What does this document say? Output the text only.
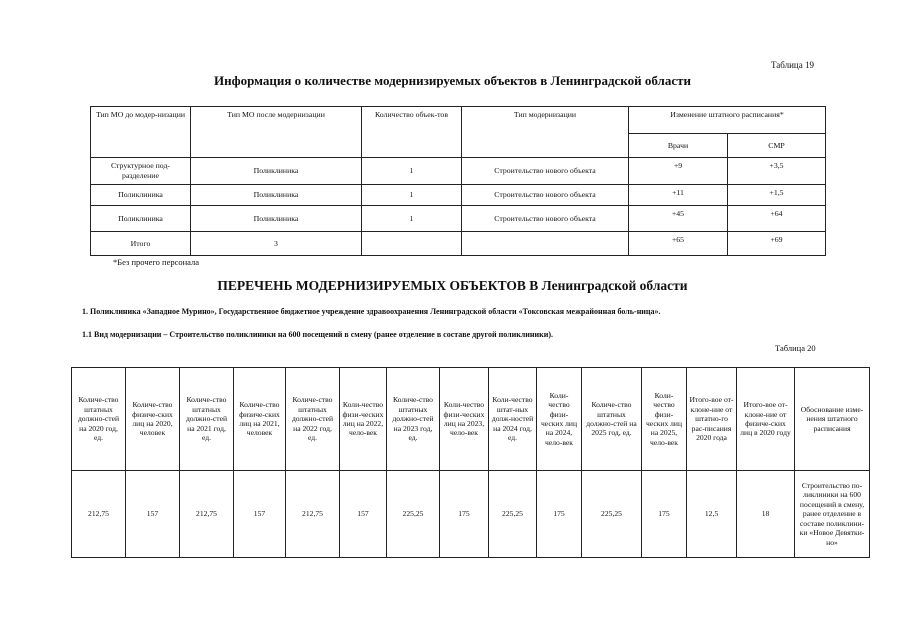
Таблица 19
Информация о количестве модернизируемых объектов в Ленинградской области
Тип МО до модер-низации	Тип МО после модернизации	Количество объек-тов	Тип модернизации	Изменение штатного расписания*	
				Врачи	СМР
Структурное под-разделение	Поликлиника	1	Строительство нового объекта	+9	+3,5
Поликлиника	Поликлиника	1	Строительство нового объекта	+11	+1,5
Поликлиника	Поликлиника	1	Строительство нового объекта	+45	+64
Итого	3			+65	+69
*Без прочего персонала
ПЕРЕЧЕНЬ МОДЕРНИЗИРУЕМЫХ ОБЪЕКТОВ В Ленинградской области
1. Поликлиника «Западное Мурино», Государственное бюджетное учреждение здравоохранения Ленинградской области «Токсовская межрайонная боль-ница».
1.1 Вид модернизации – Строительство поликлиники на 600 посещений в смену (ранее отделение в составе другой поликлиники).
Таблица 20
Количе-ство штатных должно-стей на 2020 год, ед.	Количе-ство физиче-ских лиц на 2020, человек	Количе-ство штатных должно-стей на 2021 год, ед.	Количе-ство физиче-ских лиц на 2021, человек	Количе-ство штатных должно-стей на 2022 год, ед.	Коли-чество физи-ческих лиц на 2022, чело-век	Количе-ство штатных должно-стей на 2023 год, ед.	Коли-чество физи-ческих лиц на 2023, чело-век	Коли-чество штат-ных долж-ностей на 2024 год, ед.	Коли-чество физи-ческих лиц на 2024, чело-век	Количе-ство штатных должно-стей на 2025 год, ед.	Коли-чество физи-ческих лиц на 2025, чело-век	Итого-вое от-клоне-ние от штатно-го рас-писания 2020 года	Итого-вое от-клоне-ние от физиче-ских лиц в 2020 году	Обоснование изме-нения штатного расписания
212,75	157	212,75	157	212,75	157	225,25	175	225,25	175	225,25	175	12,5	18	Строительство по-ликлиники на 600 посещений в смену, ранее отделение в составе поликлини-ки «Новое Девятки-но»
